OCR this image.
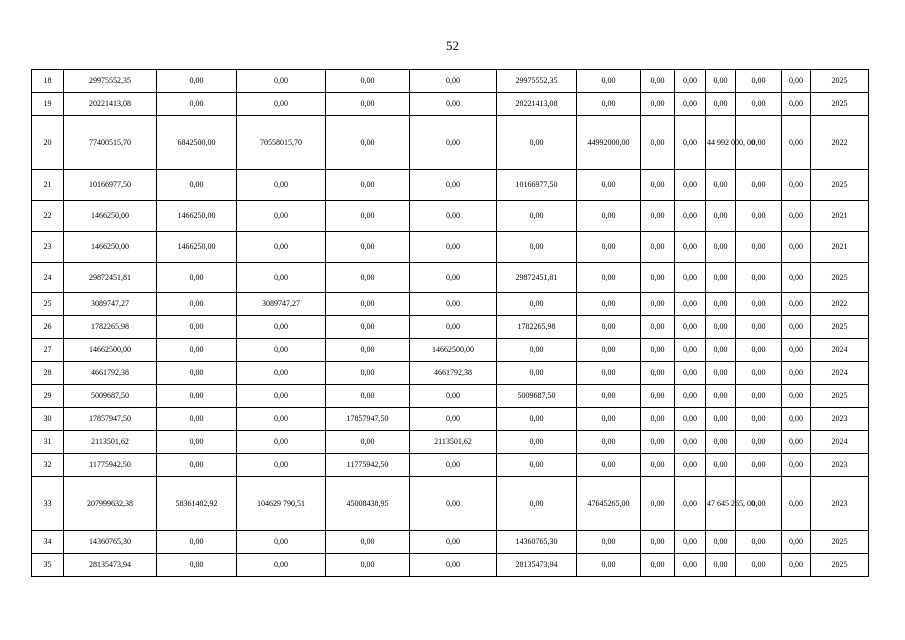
52
18	29975552,35	0,00	0,00	0,00	0,00	29975552,35	0,00	0,00	0,00	0,00	0,00	0,00	2025
19	20221413,08	0,00	0,00	0,00	0,00	20221413,08	0,00	0,00	0,00	0,00	0,00	0,00	2025
20	77400515,70	6842500,00	70558015,70	0,00	0,00	0,00	44992000,00	0,00	0,00	44 992 000, 00	0,00	0,00	2022
21	10166977,50	0,00	0,00	0,00	0,00	10166977,50	0,00	0,00	0,00	0,00	0,00	0,00	2025
22	1466250,00	1466250,00	0,00	0,00	0,00	0,00	0,00	0,00	0,00	0,00	0,00	0,00	2021
23	1466250,00	1466250,00	0,00	0,00	0,00	0,00	0,00	0,00	0,00	0,00	0,00	0,00	2021
24	29872451,81	0,00	0,00	0,00	0,00	29872451,81	0,00	0,00	0,00	0,00	0,00	0,00	2025
25	3089747,27	0,00	3089747,27	0,00	0,00	0,00	0,00	0,00	0,00	0,00	0,00	0,00	2022
26	1782265,98	0,00	0,00	0,00	0,00	1782265,98	0,00	0,00	0,00	0,00	0,00	0,00	2025
27	14662500,00	0,00	0,00	0,00	14662500,00	0,00	0,00	0,00	0,00	0,00	0,00	0,00	2024
28	4661792,38	0,00	0,00	0,00	4661792,38	0,00	0,00	0,00	0,00	0,00	0,00	0,00	2024
29	5009687,50	0,00	0,00	0,00	0,00	5009687,50	0,00	0,00	0,00	0,00	0,00	0,00	2025
30	17857947,50	0,00	0,00	17857947,50	0,00	0,00	0,00	0,00	0,00	0,00	0,00	0,00	2023
31	2113501,62	0,00	0,00	0,00	2113501,62	0,00	0,00	0,00	0,00	0,00	0,00	0,00	2024
32	11775942,50	0,00	0,00	11775942,50	0,00	0,00	0,00	0,00	0,00	0,00	0,00	0,00	2023
33	207999632,38	58361402,92	104629 790,51	45008438,95	0,00	0,00	47645265,00	0,00	0,00	47 645 265, 00	0,00	0,00	2023
34	14360765,30	0,00	0,00	0,00	0,00	14360765,30	0,00	0,00	0,00	0,00	0,00	0,00	2025
35	28135473,94	0,00	0,00	0,00	0,00	28135473,94	0,00	0,00	0,00	0,00	0,00	0,00	2025
